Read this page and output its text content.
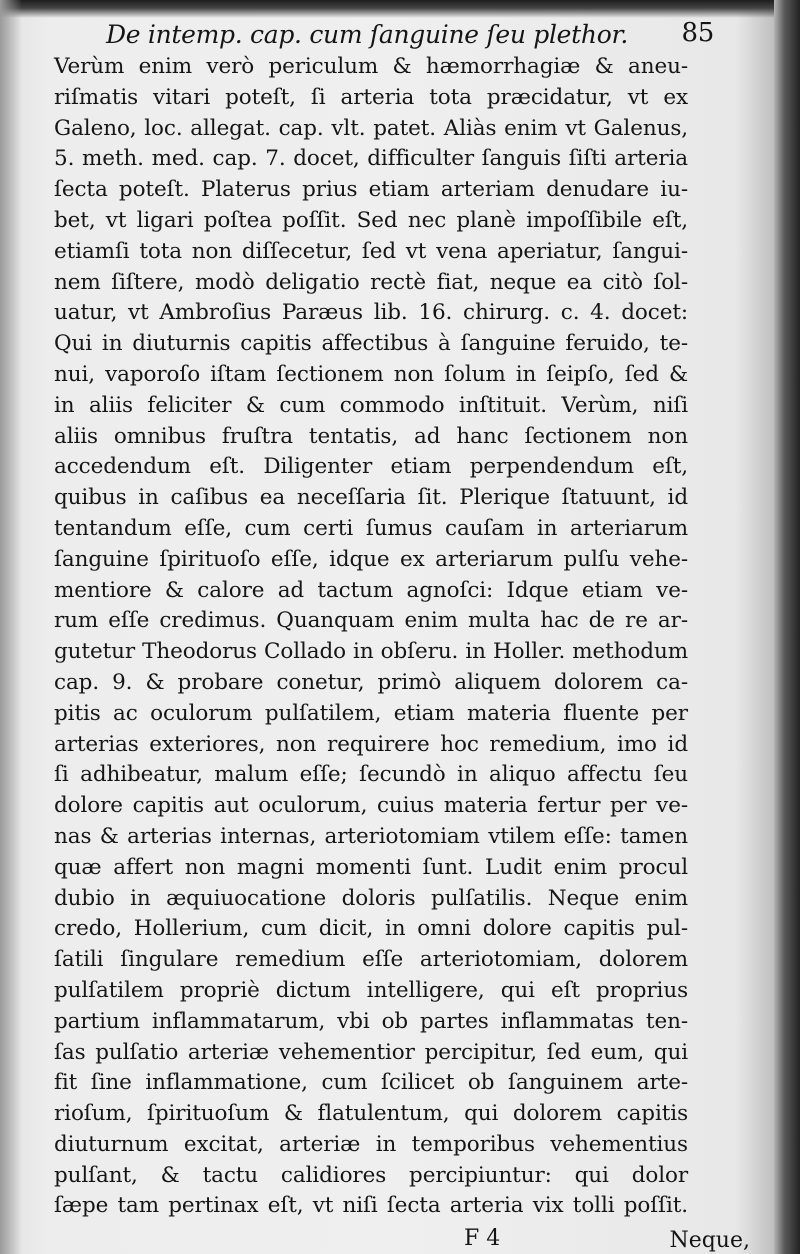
De intemp. cap. cum ſanguine ſeu plethor. 85
Verùm enim verò periculum & hæmorrhagiæ & aneu-
riſmatis vitari poteſt, ſi arteria tota præcidatur, vt ex
Galeno, loc. allegat. cap. vlt. patet. Aliàs enim vt Galenus,
5. meth. med. cap. 7. docet, difficulter ſanguis ſiſti arteria
ſecta poteſt. Platerus prius etiam arteriam denudare iu-
bet, vt ligari poſtea poſſit. Sed nec planè impoſſibile eſt,
etiamſi tota non diſſecetur, ſed vt vena aperiatur, ſangui-
nem ſiſtere, modò deligatio rectè fiat, neque ea citò ſol-
uatur, vt Ambroſius Paræus lib. 16. chirurg. c. 4. docet:
Qui in diuturnis capitis affectibus à ſanguine feruido, te-
nui, vaporoſo iſtam ſectionem non ſolum in ſeipſo, ſed &
in aliis feliciter & cum commodo inſtituit. Verùm, niſi
aliis omnibus fruſtra tentatis, ad hanc ſectionem non
accedendum eſt. Diligenter etiam perpendendum eſt,
quibus in caſibus ea neceſſaria ſit. Plerique ſtatuunt, id
tentandum eſſe, cum certi ſumus cauſam in arteriarum
ſanguine ſpirituoſo eſſe, idque ex arteriarum pulſu vehe-
mentiore & calore ad tactum agnoſci: Idque etiam ve-
rum eſſe credimus. Quanquam enim multa hac de re ar-
gutetur Theodorus Collado in obſeru. in Holler. methodum
cap. 9. & probare conetur, primò aliquem dolorem ca-
pitis ac oculorum pulſatilem, etiam materia fluente per
arterias exteriores, non requirere hoc remedium, imo id
ſi adhibeatur, malum eſſe; ſecundò in aliquo affectu ſeu
dolore capitis aut oculorum, cuius materia fertur per ve-
nas & arterias internas, arteriotomiam vtilem eſſe: tamen
quæ affert non magni momenti ſunt. Ludit enim procul
dubio in æquiuocatione doloris pulſatilis. Neque enim
credo, Hollerium, cum dicit, in omni dolore capitis pul-
ſatili ſingulare remedium eſſe arteriotomiam, dolorem
pulſatilem propriè dictum intelligere, qui eſt proprius
partium inflammatarum, vbi ob partes inflammatas ten-
ſas pulſatio arteriæ vehementior percipitur, ſed eum, qui
fit ſine inflammatione, cum ſcilicet ob ſanguinem arte-
rioſum, ſpirituoſum & flatulentum, qui dolorem capitis
diuturnum excitat, arteriæ in temporibus vehementius
pulſant, & tactu calidiores percipiuntur: qui dolor
ſæpe tam pertinax eſt, vt niſi ſecta arteria vix tolli poſſit.
F 4	Neque,
